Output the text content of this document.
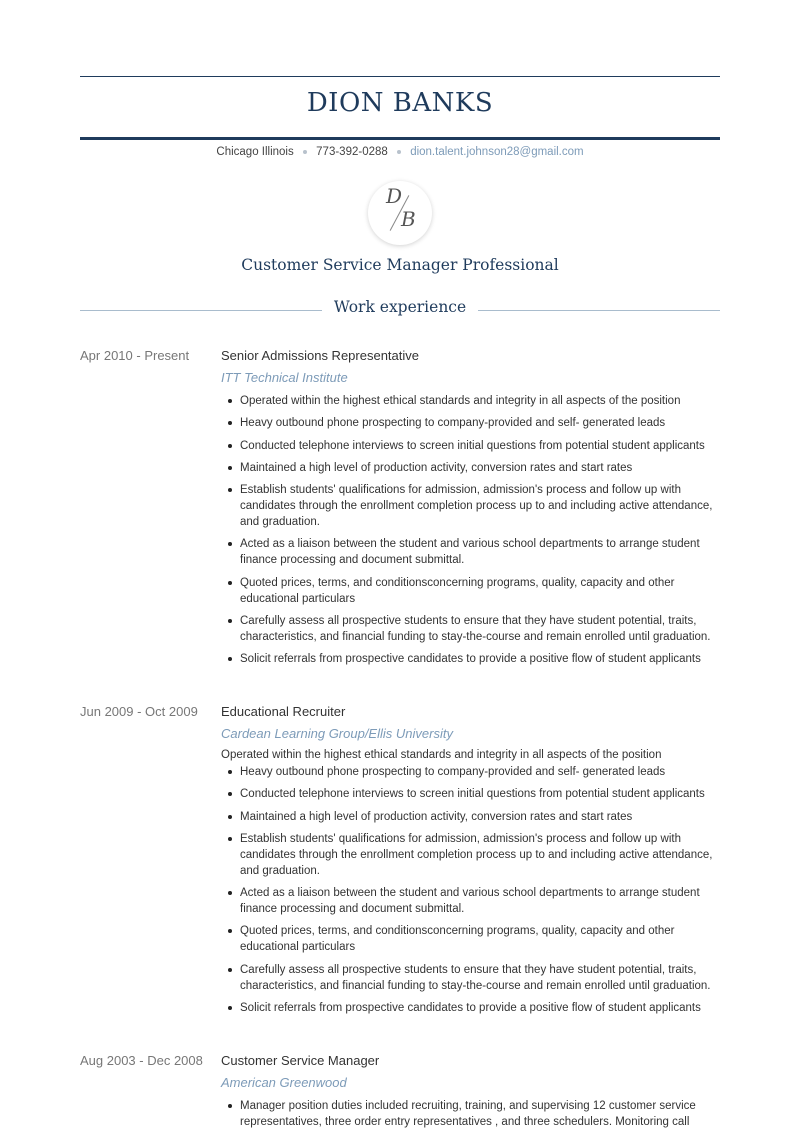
DION BANKS
Chicago Illinois 773-392-0288 dion.talent.johnson28@gmail.com
D
B
Customer Service Manager Professional
Work experience
Apr 2010 - Present	Senior Admissions Representative
ITT Technical Institute
Operated within the highest ethical standards and integrity in all aspects of the position
Heavy outbound phone prospecting to company-provided and self- generated leads
Conducted telephone interviews to screen initial questions from potential student applicants
Maintained a high level of production activity, conversion rates and start rates
Establish students' qualifications for admission, admission's process and follow up with candidates through the enrollment completion process up to and including active attendance, and graduation.
Acted as a liaison between the student and various school departments to arrange student finance processing and document submittal.
Quoted prices, terms, and conditionsconcerning programs, quality, capacity and other educational particulars
Carefully assess all prospective students to ensure that they have student potential, traits, characteristics, and financial funding to stay-the-course and remain enrolled until graduation.
Solicit referrals from prospective candidates to provide a positive flow of student applicants
Jun 2009 - Oct 2009	Educational Recruiter
Cardean Learning Group/Ellis University
Operated within the highest ethical standards and integrity in all aspects of the position
Heavy outbound phone prospecting to company-provided and self- generated leads
Conducted telephone interviews to screen initial questions from potential student applicants
Maintained a high level of production activity, conversion rates and start rates
Establish students' qualifications for admission, admission's process and follow up with candidates through the enrollment completion process up to and including active attendance, and graduation.
Acted as a liaison between the student and various school departments to arrange student finance processing and document submittal.
Quoted prices, terms, and conditionsconcerning programs, quality, capacity and other educational particulars
Carefully assess all prospective students to ensure that they have student potential, traits, characteristics, and financial funding to stay-the-course and remain enrolled until graduation.
Solicit referrals from prospective candidates to provide a positive flow of student applicants
Aug 2003 - Dec 2008	Customer Service Manager
American Greenwood
Manager position duties included recruiting, training, and supervising 12 customer service representatives, three order entry representatives , and three schedulers. Monitoring call
